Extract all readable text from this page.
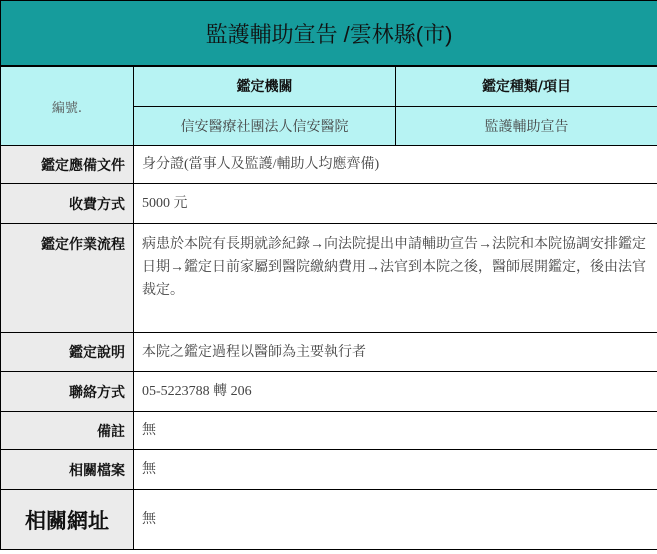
監護輔助宣告 /雲林縣(市)		
編號.	鑑定機關	鑑定種類/項目
	信安醫療社團法人信安醫院	監護輔助宣告
鑑定應備文件	身分證(當事人及監護/輔助人均應齊備)	
收費方式	5000 元	
鑑定作業流程	病患於本院有長期就診紀錄→向法院提出申請輔助宣告→法院和本院協調安排鑑定日期→鑑定日前家屬到醫院繳納費用→法官到本院之後，醫師展開鑑定，後由法官裁定。	
鑑定說明	本院之鑑定過程以醫師為主要執行者	
聯絡方式	05-5223788 轉 206	
備註	無	
相關檔案	無	
相關網址	無	
